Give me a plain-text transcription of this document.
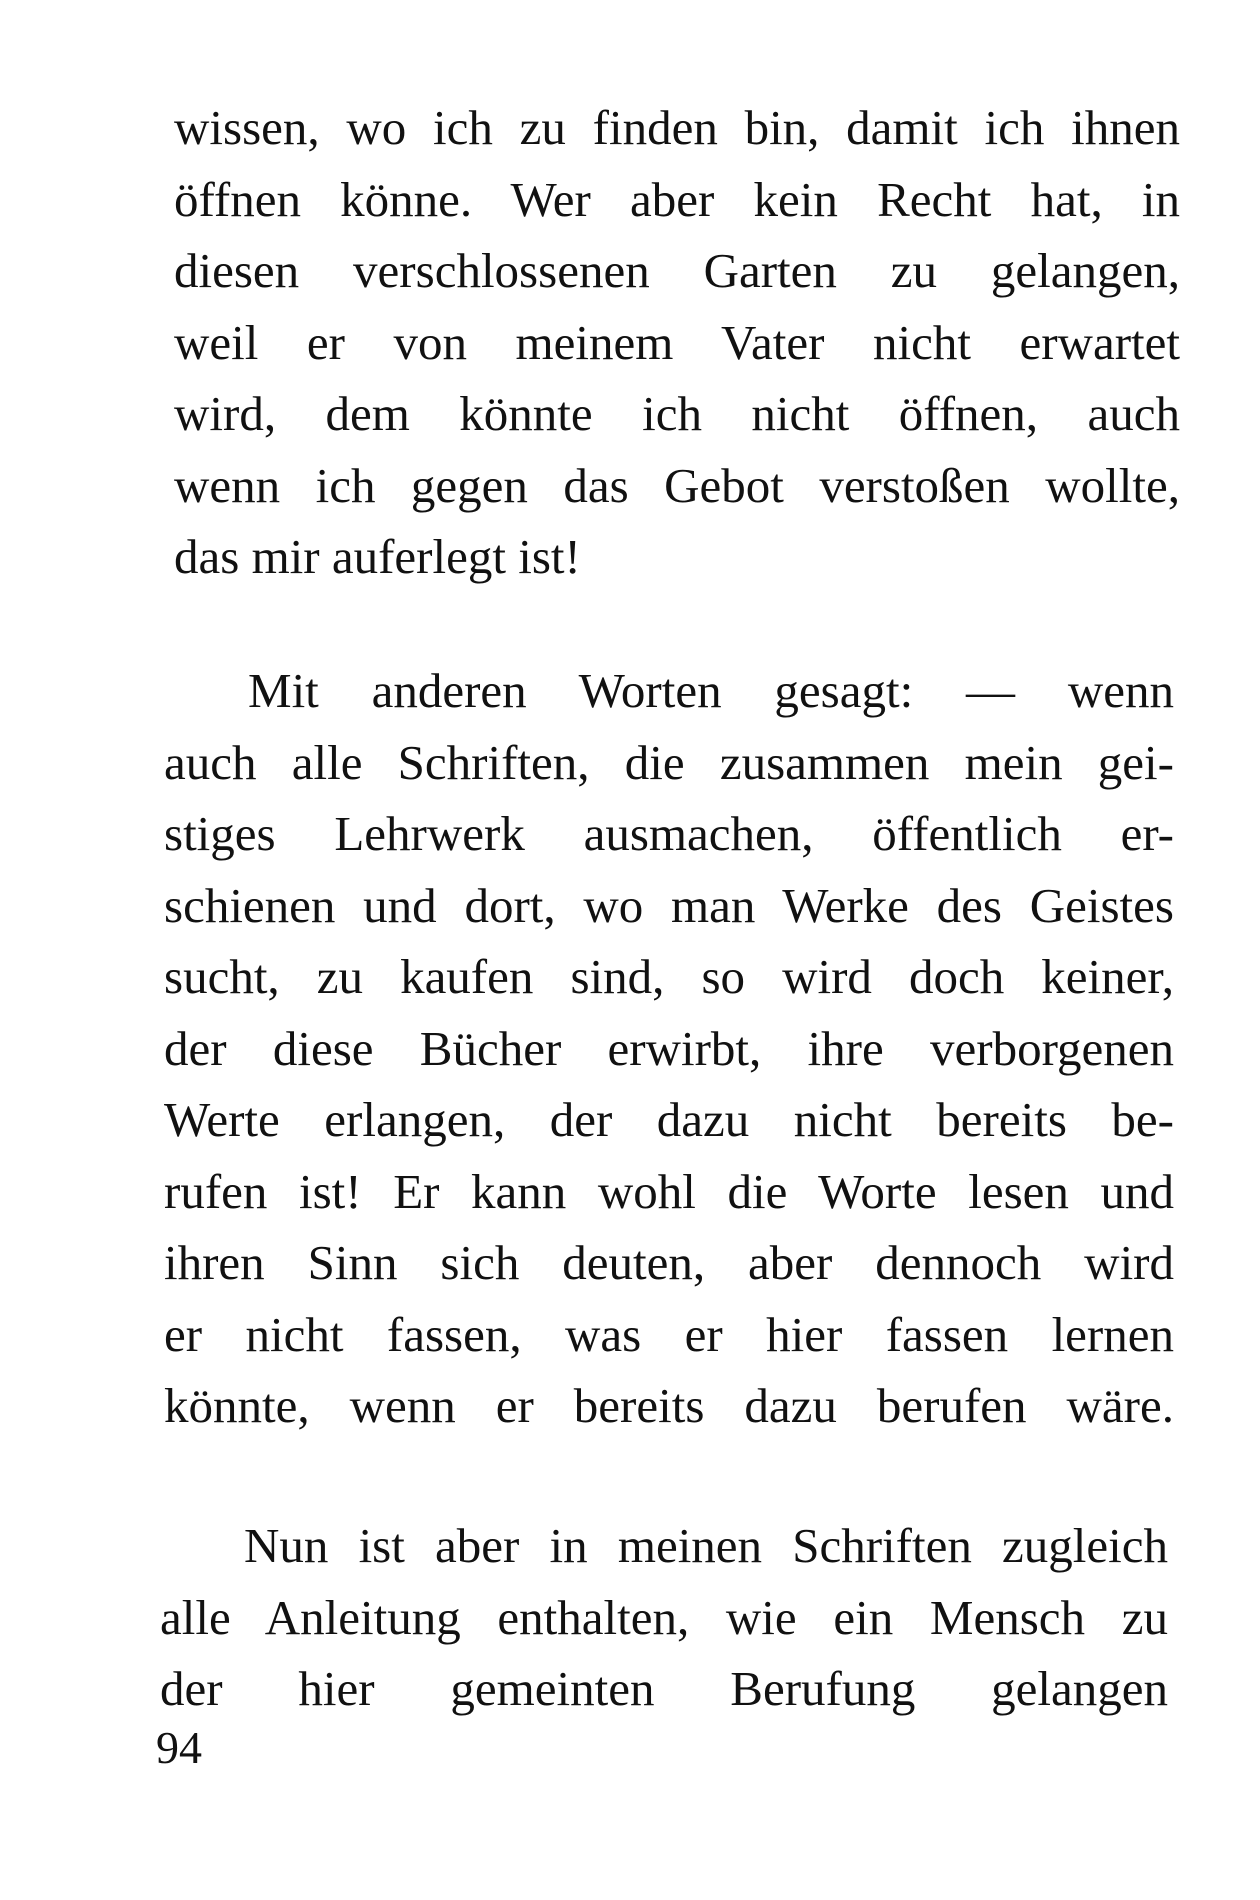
wissen, wo ich zu finden bin, damit ich ihnen
öffnen könne. Wer aber kein Recht hat, in
diesen verschlossenen Garten zu gelangen,
weil er von meinem Vater nicht erwartet
wird, dem könnte ich nicht öffnen, auch
wenn ich gegen das Gebot verstoßen wollte,
das mir auferlegt ist!
Mit anderen Worten gesagt: — wenn
auch alle Schriften, die zusammen mein gei-
stiges Lehrwerk ausmachen, öffentlich er-
schienen und dort, wo man Werke des Geistes
sucht, zu kaufen sind, so wird doch keiner,
der diese Bücher erwirbt, ihre verborgenen
Werte erlangen, der dazu nicht bereits be-
rufen ist! Er kann wohl die Worte lesen und
ihren Sinn sich deuten, aber dennoch wird
er nicht fassen, was er hier fassen lernen
könnte, wenn er bereits dazu berufen wäre.
Nun ist aber in meinen Schriften zugleich
alle Anleitung enthalten, wie ein Mensch zu
der hier gemeinten Berufung gelangen
94
